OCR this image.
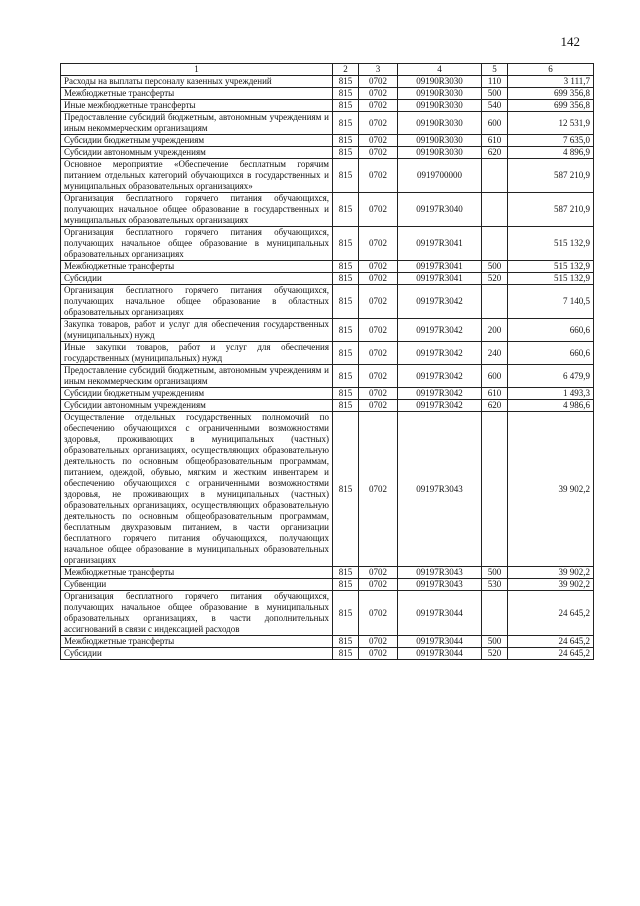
142
1	2	3	4	5	6
Расходы на выплаты персоналу казенных учреждений	815	0702	09190R3030	110	3 111,7
Межбюджетные трансферты	815	0702	09190R3030	500	699 356,8
Иные межбюджетные трансферты	815	0702	09190R3030	540	699 356,8
Предоставление субсидий бюджетным, автономным учреждениям и иным некоммерческим организациям	815	0702	09190R3030	600	12 531,9
Субсидии бюджетным учреждениям	815	0702	09190R3030	610	7 635,0
Субсидии автономным учреждениям	815	0702	09190R3030	620	4 896,9
Основное мероприятие «Обеспечение бесплатным горячим питанием отдельных категорий обучающихся в государственных и муниципальных образовательных организациях»	815	0702	0919700000		587 210,9
Организация бесплатного горячего питания обучающихся, получающих начальное общее образование в государственных и муниципальных образовательных организациях	815	0702	09197R3040		587 210,9
Организация бесплатного горячего питания обучающихся, получающих начальное общее образование в муниципальных образовательных организациях	815	0702	09197R3041		515 132,9
Межбюджетные трансферты	815	0702	09197R3041	500	515 132,9
Субсидии	815	0702	09197R3041	520	515 132,9
Организация бесплатного горячего питания обучающихся, получающих начальное общее образование в областных образовательных организациях	815	0702	09197R3042		7 140,5
Закупка товаров, работ и услуг для обеспечения государственных (муниципальных) нужд	815	0702	09197R3042	200	660,6
Иные закупки товаров, работ и услуг для обеспечения государственных (муниципальных) нужд	815	0702	09197R3042	240	660,6
Предоставление субсидий бюджетным, автономным учреждениям и иным некоммерческим организациям	815	0702	09197R3042	600	6 479,9
Субсидии бюджетным учреждениям	815	0702	09197R3042	610	1 493,3
Субсидии автономным учреждениям	815	0702	09197R3042	620	4 986,6
Осуществление отдельных государственных полномочий по обеспечению обучающихся с ограниченными возможностями здоровья, проживающих в муниципальных (частных) образовательных организациях, осуществляющих образовательную деятельность по основным общеобразовательным программам, питанием, одеждой, обувью, мягким и жестким инвентарем и обеспечению обучающихся с ограниченными возможностями здоровья, не проживающих в муниципальных (частных) образовательных организациях, осуществляющих образовательную деятельность по основным общеобразовательным программам, бесплатным двухразовым питанием, в части организации бесплатного горячего питания обучающихся, получающих начальное общее образование в муниципальных образовательных организациях	815	0702	09197R3043		39 902,2
Межбюджетные трансферты	815	0702	09197R3043	500	39 902,2
Субвенции	815	0702	09197R3043	530	39 902,2
Организация бесплатного горячего питания обучающихся, получающих начальное общее образование в муниципальных образовательных организациях, в части дополнительных ассигнований в связи с индексацией расходов	815	0702	09197R3044		24 645,2
Межбюджетные трансферты	815	0702	09197R3044	500	24 645,2
Субсидии	815	0702	09197R3044	520	24 645,2
